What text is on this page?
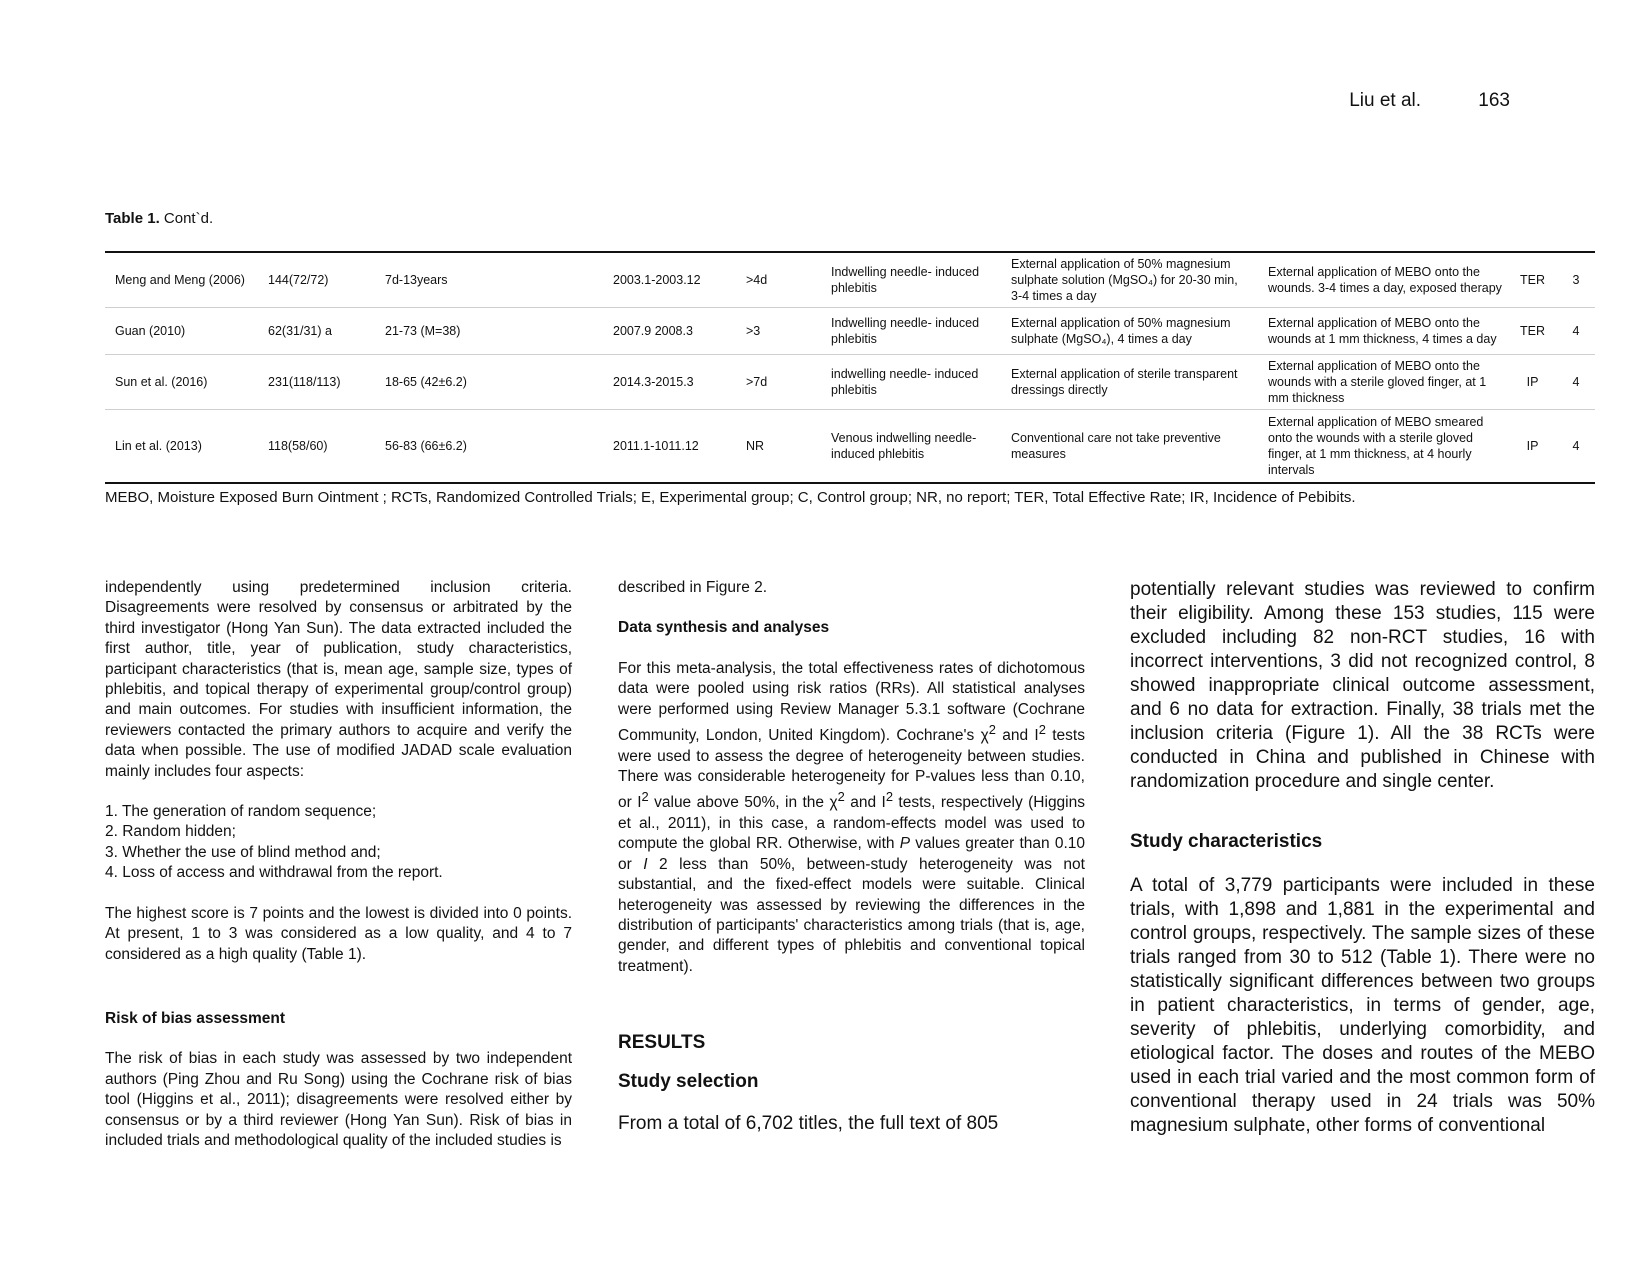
Liu et al.	163
Table 1. Cont`d.
Meng and Meng (2006)	144(72/72)	7d-13years	2003.1-2003.12	>4d	Indwelling needle- induced phlebitis	External application of 50% magnesium sulphate solution (MgSO₄) for 20-30 min, 3-4 times a day	External application of MEBO onto the wounds. 3-4 times a day, exposed therapy	TER	3
Guan (2010)	62(31/31) a	21-73 (M=38)	2007.9 2008.3	>3	Indwelling needle- induced phlebitis	External application of 50% magnesium sulphate (MgSO₄), 4 times a day	External application of MEBO onto the wounds at 1 mm thickness, 4 times a day	TER	4
Sun et al. (2016)	231(118/113)	18-65 (42±6.2)	2014.3-2015.3	>7d	indwelling needle- induced phlebitis	External application of sterile transparent dressings directly	External application of MEBO onto the wounds with a sterile gloved finger, at 1 mm thickness	IP	4
Lin et al. (2013)	118(58/60)	56-83 (66±6.2)	2011.1-1011.12	NR	Venous indwelling needle-induced phlebitis	Conventional care not take preventive measures	External application of MEBO smeared onto the wounds with a sterile gloved finger, at 1 mm thickness, at 4 hourly intervals	IP	4
MEBO, Moisture Exposed Burn Ointment ; RCTs, Randomized Controlled Trials; E, Experimental group; C, Control group; NR, no report; TER, Total Effective Rate; IR, Incidence of Pebibits.

independently using predetermined inclusion criteria. Disagreements were resolved by consensus or arbitrated by the third investigator (Hong Yan Sun). The data extracted included the first author, title, year of publication, study characteristics, participant characteristics (that is, mean age, sample size, types of phlebitis, and topical therapy of experimental group/control group) and main outcomes. For studies with insufficient information, the reviewers contacted the primary authors to acquire and verify the data when possible. The use of modified JADAD scale evaluation mainly includes four aspects:

1. The generation of random sequence;
2. Random hidden;
3. Whether the use of blind method and;
4. Loss of access and withdrawal from the report.

The highest score is 7 points and the lowest is divided into 0 points. At present, 1 to 3 was considered as a low quality, and 4 to 7 considered as a high quality (Table 1).

Risk of bias assessment

The risk of bias in each study was assessed by two independent authors (Ping Zhou and Ru Song) using the Cochrane risk of bias tool (Higgins et al., 2011); disagreements were resolved either by consensus or by a third reviewer (Hong Yan Sun). Risk of bias in included trials and methodological quality of the included studies is

described in Figure 2.

Data synthesis and analyses

For this meta-analysis, the total effectiveness rates of dichotomous data were pooled using risk ratios (RRs). All statistical analyses were performed using Review Manager 5.3.1 software (Cochrane Community, London, United Kingdom). Cochrane's $\chi^2$ and $I^2$ tests were used to assess the degree of heterogeneity between studies. There was considerable heterogeneity for P-values less than 0.10, or $I^2$ value above 50%, in the $\chi^2$ and $I^2$ tests, respectively (Higgins et al., 2011), in this case, a random-effects model was used to compute the global RR. Otherwise, with P values greater than 0.10 or I 2 less than 50%, between-study heterogeneity was not substantial, and the fixed-effect models were suitable. Clinical heterogeneity was assessed by reviewing the differences in the distribution of participants' characteristics among trials (that is, age, gender, and different types of phlebitis and conventional topical treatment).

RESULTS

Study selection

From a total of 6,702 titles, the full text of 805

potentially relevant studies was reviewed to confirm their eligibility. Among these 153 studies, 115 were excluded including 82 non-RCT studies, 16 with incorrect interventions, 3 did not recognized control, 8 showed inappropriate clinical outcome assessment, and 6 no data for extraction. Finally, 38 trials met the inclusion criteria (Figure 1). All the 38 RCTs were conducted in China and published in Chinese with randomization procedure and single center.

Study characteristics

A total of 3,779 participants were included in these trials, with 1,898 and 1,881 in the experimental and control groups, respectively. The sample sizes of these trials ranged from 30 to 512 (Table 1). There were no statistically significant differences between two groups in patient characteristics, in terms of gender, age, severity of phlebitis, underlying comorbidity, and etiological factor. The doses and routes of the MEBO used in each trial varied and the most common form of conventional therapy used in 24 trials was 50% magnesium sulphate, other forms of conventional
